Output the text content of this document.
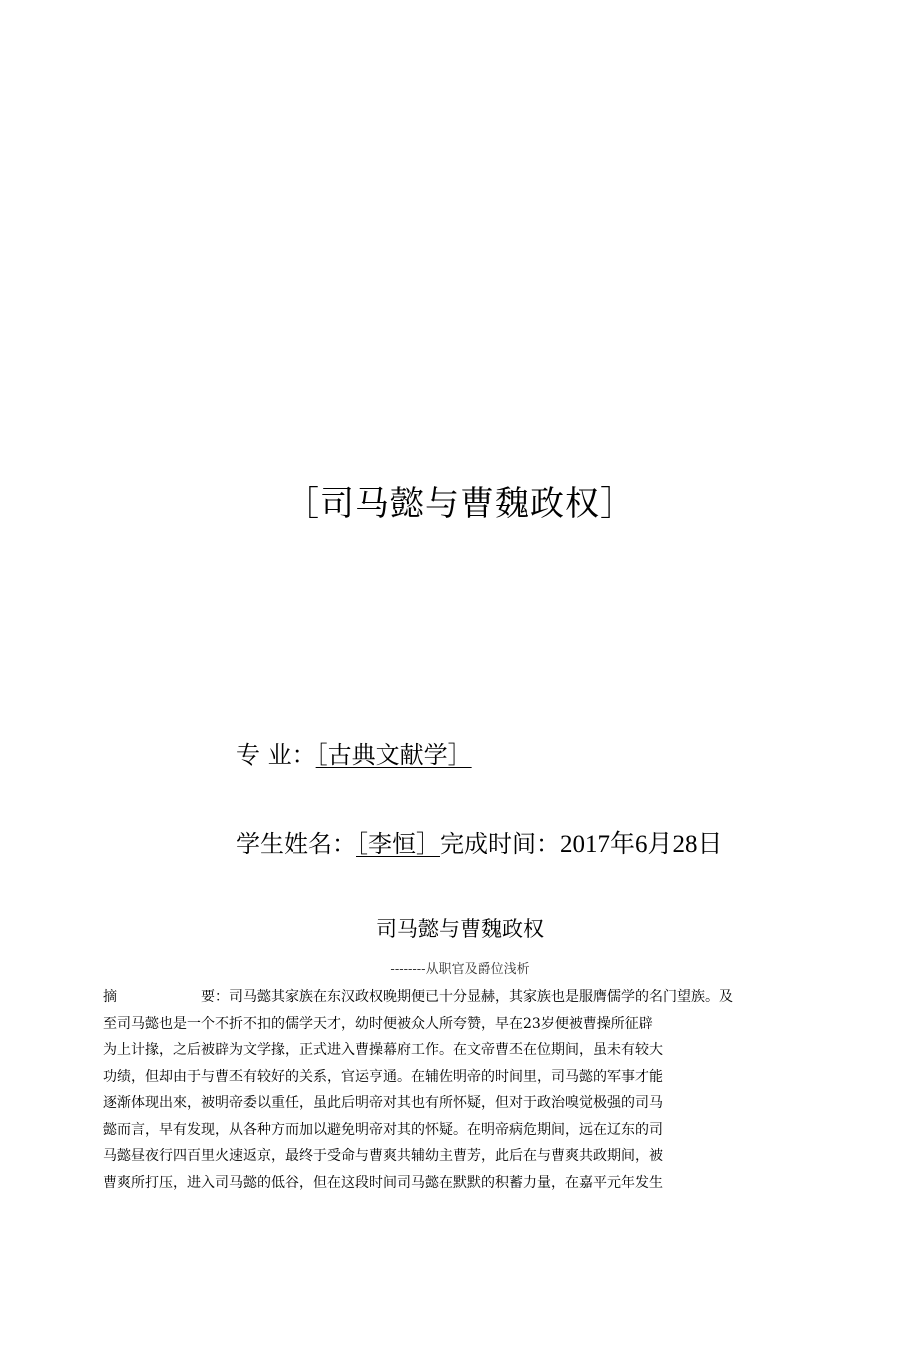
［司马懿与曹魏政权］
专 业：［古典文献学］
学生姓名：［李恒］完成时间：2017年6月28日
司马懿与曹魏政权
--------从职官及爵位浅析
摘	要：司马懿其家族在东汉政权晚期便已十分显赫，其家族也是服膺儒学的名门望族。及
至司马懿也是一个不折不扣的儒学天才，幼时便被众人所夸赞，早在23岁便被曹操所征辟
为上计掾，之后被辟为文学掾，正式进入曹操幕府工作。在文帝曹丕在位期间，虽未有较大
功绩，但却由于与曹丕有较好的关系，官运亨通。在辅佐明帝的时间里，司马懿的军事才能
逐渐体现出來，被明帝委以重任，虽此后明帝对其也有所怀疑，但对于政治嗅觉极强的司马
懿而言，早有发现，从各种方而加以避免明帝对其的怀疑。在明帝病危期间，远在辽东的司
马懿昼夜行四百里火速返京，最终于受命与曹爽共辅幼主曹芳，此后在与曹爽共政期间，被
曹爽所打压，进入司马懿的低谷，但在这段时间司马懿在默默的积蓄力量，在嘉平元年发生
